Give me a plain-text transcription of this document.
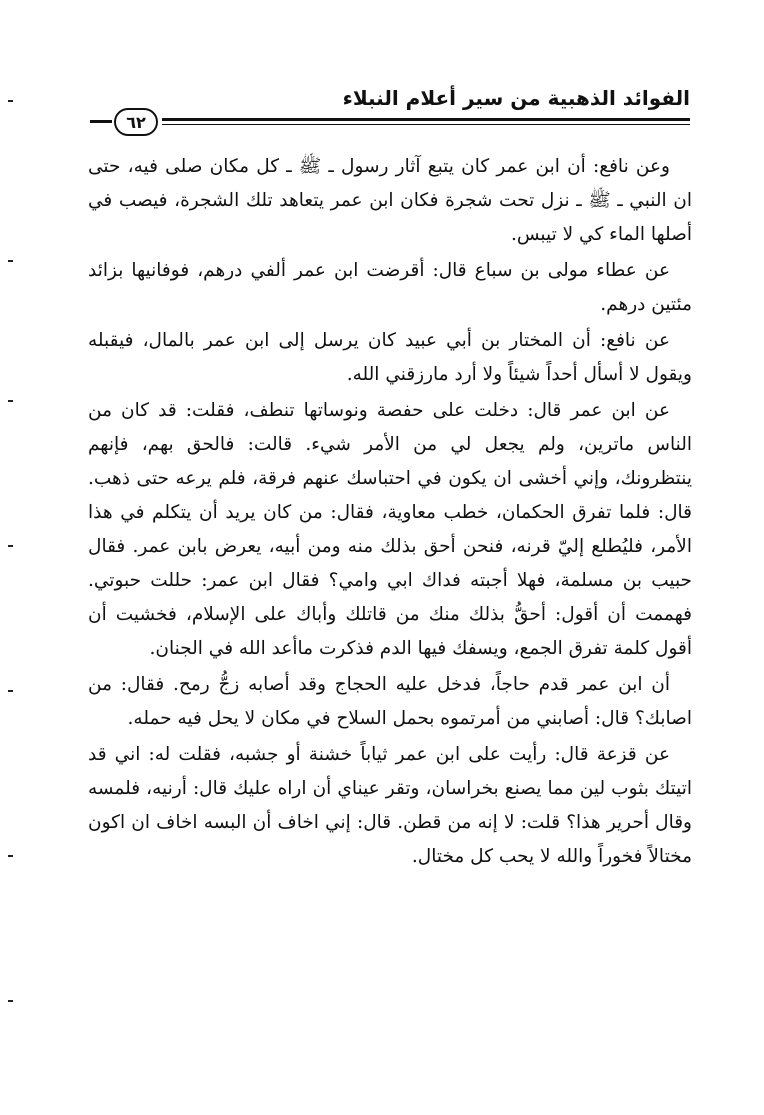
الفوائد الذهبية من سير أعلام النبلاء
٦٢

وعن نافع: أن ابن عمر كان يتبع آثار رسول ـ ﷺ ـ كل مكان صلى فيه، حتى ان النبي ـ ﷺ ـ نزل تحت شجرة فكان ابن عمر يتعاهد تلك الشجرة، فيصب في أصلها الماء كي لا تيبس.

عن عطاء مولى بن سباع قال: أقرضت ابن عمر ألفي درهم، فوفانيها بزائد مئتين درهم.

عن نافع: أن المختار بن أبي عبيد كان يرسل إلى ابن عمر بالمال، فيقبله ويقول لا أسأل أحداً شيئاً ولا أرد مارزقني الله.

عن ابن عمر قال: دخلت على حفصة ونوساتها تنطف، فقلت: قد كان من الناس ماترين، ولم يجعل لي من الأمر شيء. قالت: فالحق بهم، فإنهم ينتظرونك، وإني أخشى ان يكون في احتباسك عنهم فرقة، فلم يرعه حتى ذهب. قال: فلما تفرق الحكمان، خطب معاوية، فقال: من كان يريد أن يتكلم في هذا الأمر، فليُطلع إليّ قرنه، فنحن أحق بذلك منه ومن أبيه، يعرض بابن عمر. فقال حبيب بن مسلمة، فهلا أجبته فداك ابي وامي؟ فقال ابن عمر: حللت حبوتي. فهممت أن أقول: أحقُّ بذلك منك من قاتلك وأباك على الإسلام، فخشيت أن أقول كلمة تفرق الجمع، ويسفك فيها الدم فذكرت ماأعد الله في الجنان.

أن ابن عمر قدم حاجاً، فدخل عليه الحجاج وقد أصابه زجُّ رمح. فقال: من اصابك؟ قال: أصابني من أمرتموه بحمل السلاح في مكان لا يحل فيه حمله.

عن قزعة قال: رأيت على ابن عمر ثياباً خشنة أو جشبه، فقلت له: اني قد اتيتك بثوب لين مما يصنع بخراسان، وتقر عيناي أن اراه عليك قال: أرنيه، فلمسه وقال أحرير هذا؟ قلت: لا إنه من قطن. قال: إني اخاف أن البسه اخاف ان اكون مختالاً فخوراً والله لا يحب كل مختال.
